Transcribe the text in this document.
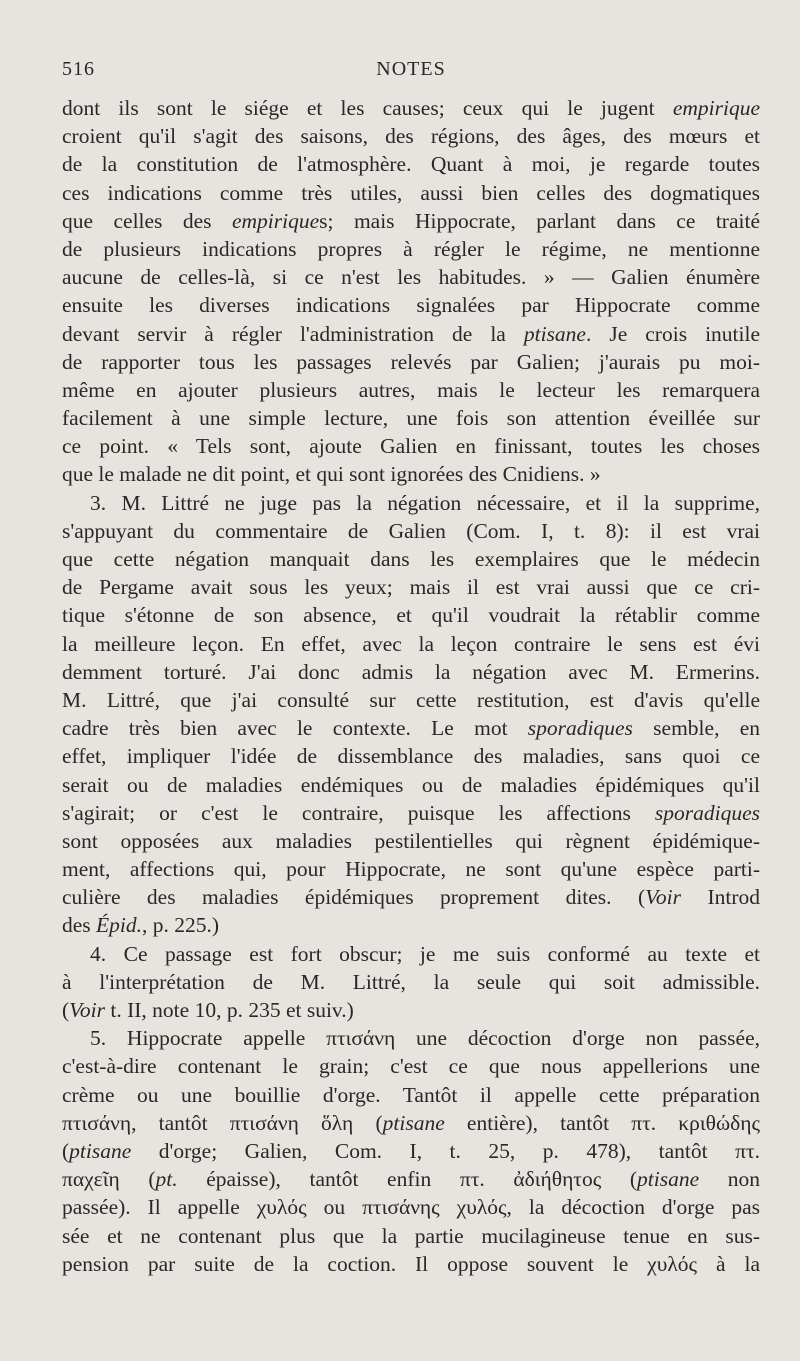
516	NOTES
dont ils sont le siége et les causes; ceux qui le jugent empirique
croient qu'il s'agit des saisons, des régions, des âges, des mœurs et
de la constitution de l'atmosphère. Quant à moi, je regarde toutes
ces indications comme très utiles, aussi bien celles des dogmatiques
que celles des empiriques; mais Hippocrate, parlant dans ce traité
de plusieurs indications propres à régler le régime, ne mentionne
aucune de celles-là, si ce n'est les habitudes. » — Galien énumère
ensuite les diverses indications signalées par Hippocrate comme
devant servir à régler l'administration de la ptisane. Je crois inutile
de rapporter tous les passages relevés par Galien; j'aurais pu moi-
même en ajouter plusieurs autres, mais le lecteur les remarquera
facilement à une simple lecture, une fois son attention éveillée sur
ce point. « Tels sont, ajoute Galien en finissant, toutes les choses
que le malade ne dit point, et qui sont ignorées des Cnidiens. »
3. M. Littré ne juge pas la négation nécessaire, et il la supprime,
s'appuyant du commentaire de Galien (Com. I, t. 8): il est vrai
que cette négation manquait dans les exemplaires que le médecin
de Pergame avait sous les yeux; mais il est vrai aussi que ce cri-
tique s'étonne de son absence, et qu'il voudrait la rétablir comme
la meilleure leçon. En effet, avec la leçon contraire le sens est évi
demment torturé. J'ai donc admis la négation avec M. Ermerins.
M. Littré, que j'ai consulté sur cette restitution, est d'avis qu'elle
cadre très bien avec le contexte. Le mot sporadiques semble, en
effet, impliquer l'idée de dissemblance des maladies, sans quoi ce
serait ou de maladies endémiques ou de maladies épidémiques qu'il
s'agirait; or c'est le contraire, puisque les affections sporadiques
sont opposées aux maladies pestilentielles qui règnent épidémique-
ment, affections qui, pour Hippocrate, ne sont qu'une espèce parti-
culière des maladies épidémiques proprement dites. (Voir Introd
des Épid., p. 225.)
4. Ce passage est fort obscur; je me suis conformé au texte et
à l'interprétation de M. Littré, la seule qui soit admissible.
(Voir t. II, note 10, p. 235 et suiv.)
5. Hippocrate appelle πτισάνη une décoction d'orge non passée,
c'est-à-dire contenant le grain; c'est ce que nous appellerions une
crème ou une bouillie d'orge. Tantôt il appelle cette préparation
πτισάνη, tantôt πτισάνη ὅλη (ptisane entière), tantôt πτ. κριθώδης
(ptisane d'orge; Galien, Com. I, t. 25, p. 478), tantôt πτ.
παχεῖη (pt. épaisse), tantôt enfin πτ. ἀδιήθητος (ptisane non
passée). Il appelle χυλός ou πτισάνης χυλός, la décoction d'orge pas
sée et ne contenant plus que la partie mucilagineuse tenue en sus-
pension par suite de la coction. Il oppose souvent le χυλός à la
